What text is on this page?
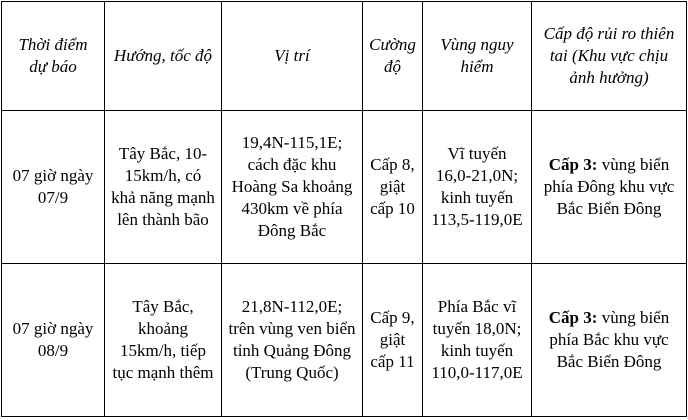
Thời điểm dự báo	Hướng, tốc độ	Vị trí	Cường độ	Vùng nguy hiểm	Cấp độ rủi ro thiên tai (Khu vực chịu ảnh hưởng)
07 giờ ngày 07/9	Tây Bắc, 10-15km/h, có khả năng mạnh lên thành bão	19,4N-115,1E; cách đặc khu Hoàng Sa khoảng 430km về phía Đông Bắc	Cấp 8, giật cấp 10	Vĩ tuyến 16,0-21,0N; kinh tuyến 113,5-119,0E	Cấp 3: vùng biển phía Đông khu vực Bắc Biển Đông
07 giờ ngày 08/9	Tây Bắc, khoảng 15km/h, tiếp tục mạnh thêm	21,8N-112,0E; trên vùng ven biển tỉnh Quảng Đông (Trung Quốc)	Cấp 9, giật cấp 11	Phía Bắc vĩ tuyến 18,0N; kinh tuyến 110,0-117,0E	Cấp 3: vùng biển phía Bắc khu vực Bắc Biển Đông
